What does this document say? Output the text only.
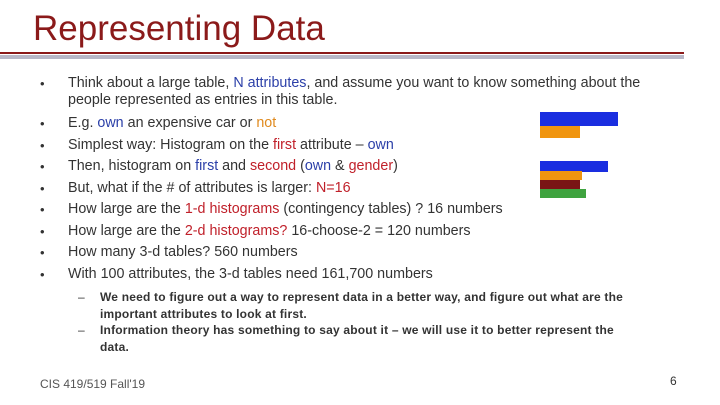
Representing Data
• Think about a large table, N attributes, and assume you want to know something about the
people represented as entries in this table.
• E.g. own an expensive car or not
• Simplest way: Histogram on the first attribute – own
• Then, histogram on first and second (own & gender)
• But, what if the # of attributes is larger: N=16
• How large are the 1-d histograms (contingency tables) ? 16 numbers
• How large are the 2-d histograms? 16-choose-2 = 120 numbers
• How many 3-d tables? 560 numbers
• With 100 attributes, the 3-d tables need 161,700 numbers
– We need to figure out a way to represent data in a better way, and figure out what are the
important attributes to look at first.
– Information theory has something to say about it – we will use it to better represent the
data.
CIS 419/519 Fall'19	6
